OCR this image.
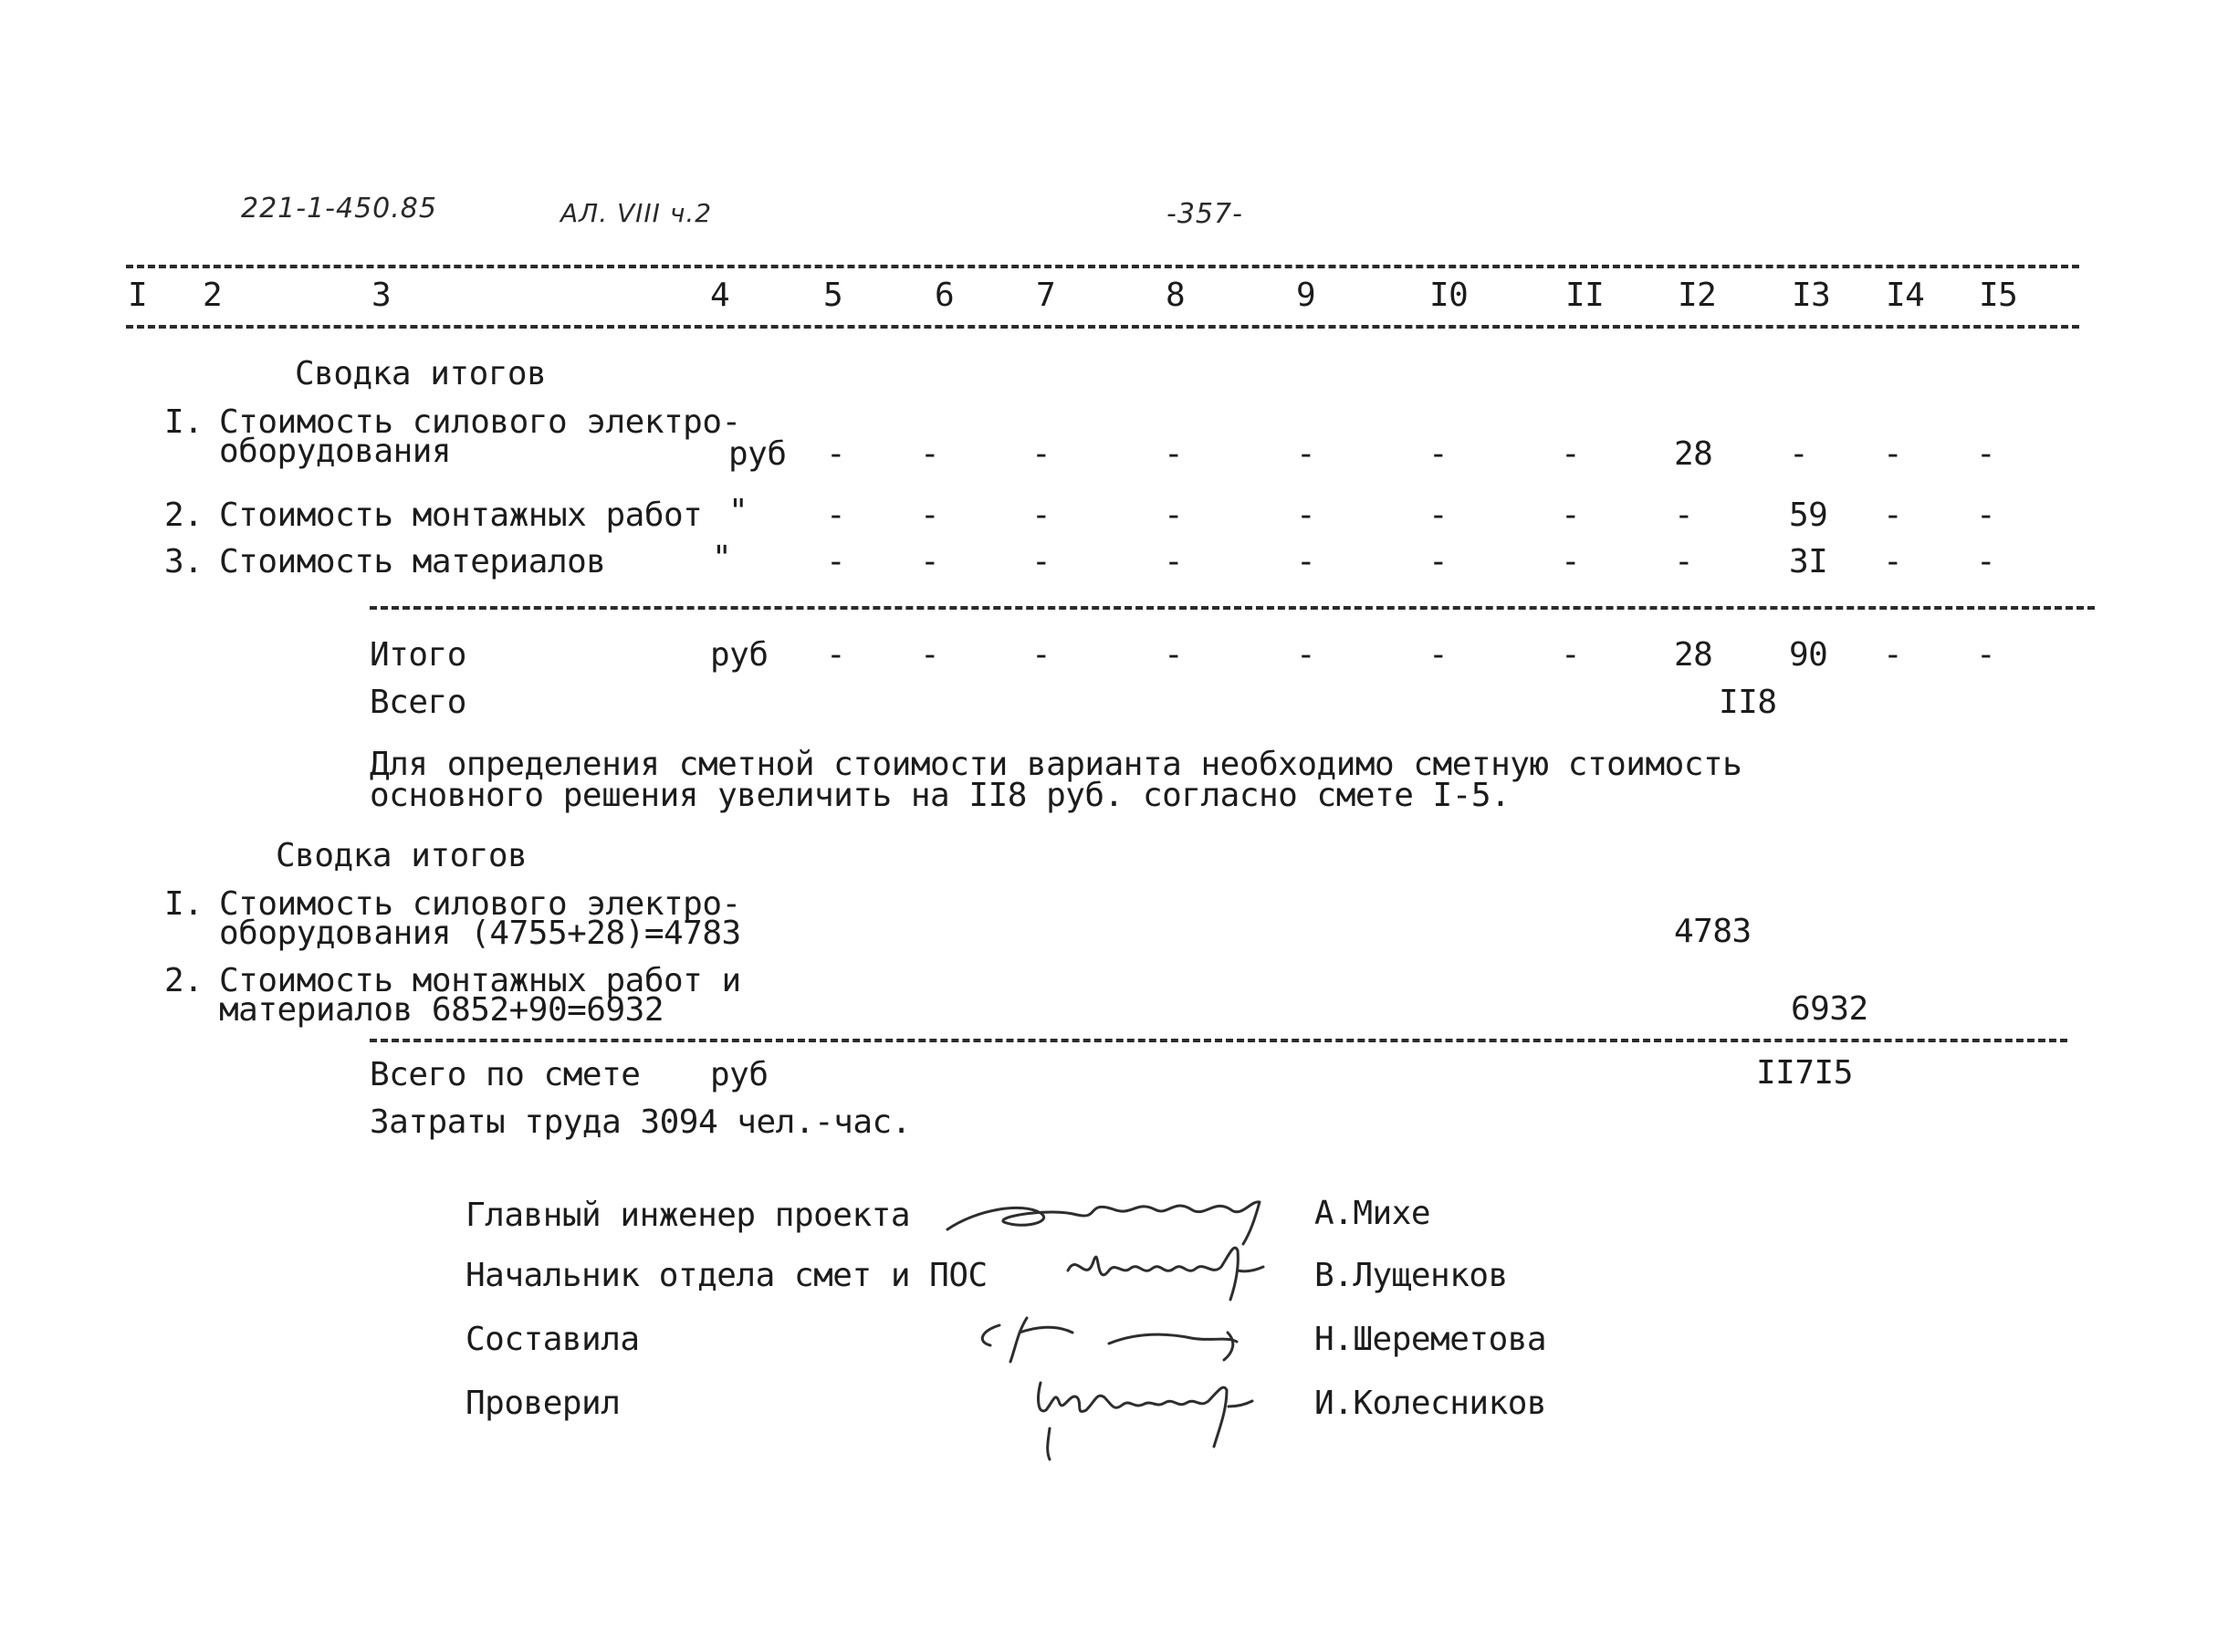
221-1-450.85	АЛ. VIII ч.2	-357-
I 2	3	4	5	6 7	8	9	I0	II I2 I3 I4 I5
Сводка итогов
I. Стоимость силового электро-
оборудования	руб - -	-	-	-	-	-	28 - - -
2. Стоимость монтажных работ " - -	-	-	-	-	-	-	59 - -
3. Стоимость материалов	"	- -	-	-	-	-	-	-	3I - -
Итого	руб - -	-	-	-	-	-	28 90 - -
Всего	II8
Для определения сметной стоимости варианта необходимо сметную стоимость
основного решения увеличить на II8 руб. согласно смете I-5.
Сводка итогов
I. Стоимость силового электро-
оборудования (4755+28)=4783	4783
2. Стоимость монтажных работ и
материалов 6852+90=6932	6932
Всего по смете руб	II7I5
Затраты труда 3094 чел.-час.
Главный инженер проекта	А.Михе
Начальник отдела смет и ПОС	В.Лущенков
Составила	Н.Шереметова
Проверил	И.Колесников
